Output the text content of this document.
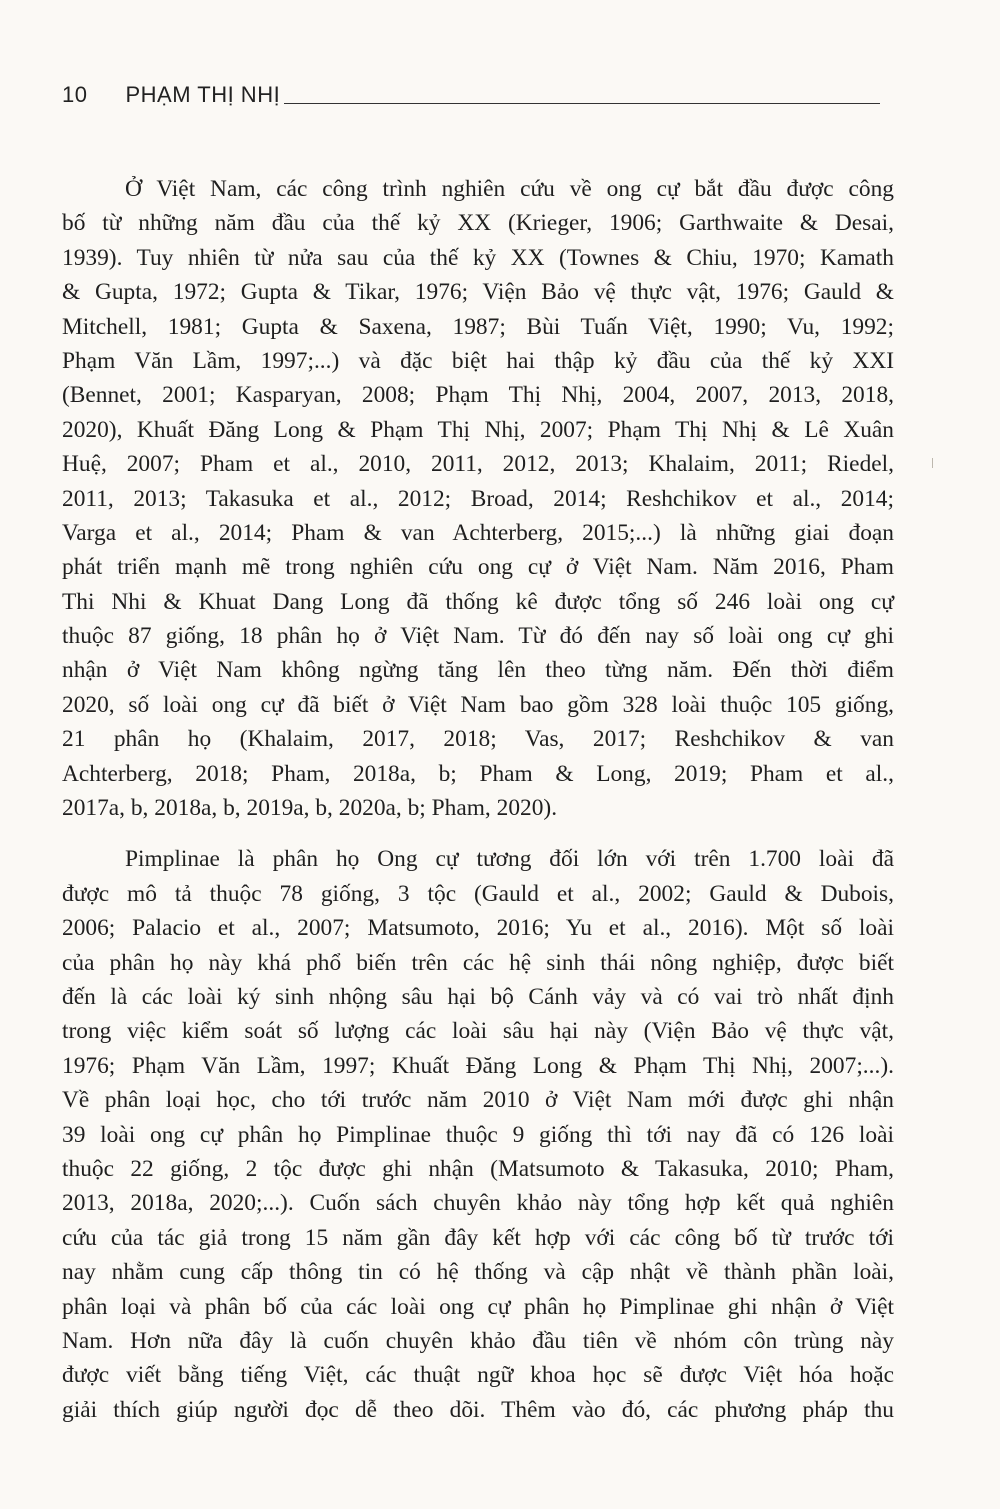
10 PHẠM THỊ NHỊ

Ở Việt Nam, các công trình nghiên cứu về ong cự bắt đầu được công
bố từ những năm đầu của thế kỷ XX (Krieger, 1906; Garthwaite & Desai,
1939). Tuy nhiên từ nửa sau của thế kỷ XX (Townes & Chiu, 1970; Kamath
& Gupta, 1972; Gupta & Tikar, 1976; Viện Bảo vệ thực vật, 1976; Gauld &
Mitchell, 1981; Gupta & Saxena, 1987; Bùi Tuấn Việt, 1990; Vu, 1992;
Phạm Văn Lầm, 1997;...) và đặc biệt hai thập kỷ đầu của thế kỷ XXI
(Bennet, 2001; Kasparyan, 2008; Phạm Thị Nhị, 2004, 2007, 2013, 2018,
2020), Khuất Đăng Long & Phạm Thị Nhị, 2007; Phạm Thị Nhị & Lê Xuân
Huệ, 2007; Pham et al., 2010, 2011, 2012, 2013; Khalaim, 2011; Riedel,
2011, 2013; Takasuka et al., 2012; Broad, 2014; Reshchikov et al., 2014;
Varga et al., 2014; Pham & van Achterberg, 2015;...) là những giai đoạn
phát triển mạnh mẽ trong nghiên cứu ong cự ở Việt Nam. Năm 2016, Pham
Thi Nhi & Khuat Dang Long đã thống kê được tổng số 246 loài ong cự
thuộc 87 giống, 18 phân họ ở Việt Nam. Từ đó đến nay số loài ong cự ghi
nhận ở Việt Nam không ngừng tăng lên theo từng năm. Đến thời điểm
2020, số loài ong cự đã biết ở Việt Nam bao gồm 328 loài thuộc 105 giống,
21 phân họ (Khalaim, 2017, 2018; Vas, 2017; Reshchikov & van
Achterberg, 2018; Pham, 2018a, b; Pham & Long, 2019; Pham et al.,
2017a, b, 2018a, b, 2019a, b, 2020a, b; Pham, 2020).

Pimplinae là phân họ Ong cự tương đối lớn với trên 1.700 loài đã
được mô tả thuộc 78 giống, 3 tộc (Gauld et al., 2002; Gauld & Dubois,
2006; Palacio et al., 2007; Matsumoto, 2016; Yu et al., 2016). Một số loài
của phân họ này khá phổ biến trên các hệ sinh thái nông nghiệp, được biết
đến là các loài ký sinh nhộng sâu hại bộ Cánh vảy và có vai trò nhất định
trong việc kiểm soát số lượng các loài sâu hại này (Viện Bảo vệ thực vật,
1976; Phạm Văn Lầm, 1997; Khuất Đăng Long & Phạm Thị Nhị, 2007;...).
Về phân loại học, cho tới trước năm 2010 ở Việt Nam mới được ghi nhận
39 loài ong cự phân họ Pimplinae thuộc 9 giống thì tới nay đã có 126 loài
thuộc 22 giống, 2 tộc được ghi nhận (Matsumoto & Takasuka, 2010; Pham,
2013, 2018a, 2020;...). Cuốn sách chuyên khảo này tổng hợp kết quả nghiên
cứu của tác giả trong 15 năm gần đây kết hợp với các công bố từ trước tới
nay nhằm cung cấp thông tin có hệ thống và cập nhật về thành phần loài,
phân loại và phân bố của các loài ong cự phân họ Pimplinae ghi nhận ở Việt
Nam. Hơn nữa đây là cuốn chuyên khảo đầu tiên về nhóm côn trùng này
được viết bằng tiếng Việt, các thuật ngữ khoa học sẽ được Việt hóa hoặc
giải thích giúp người đọc dễ theo dõi. Thêm vào đó, các phương pháp thu
